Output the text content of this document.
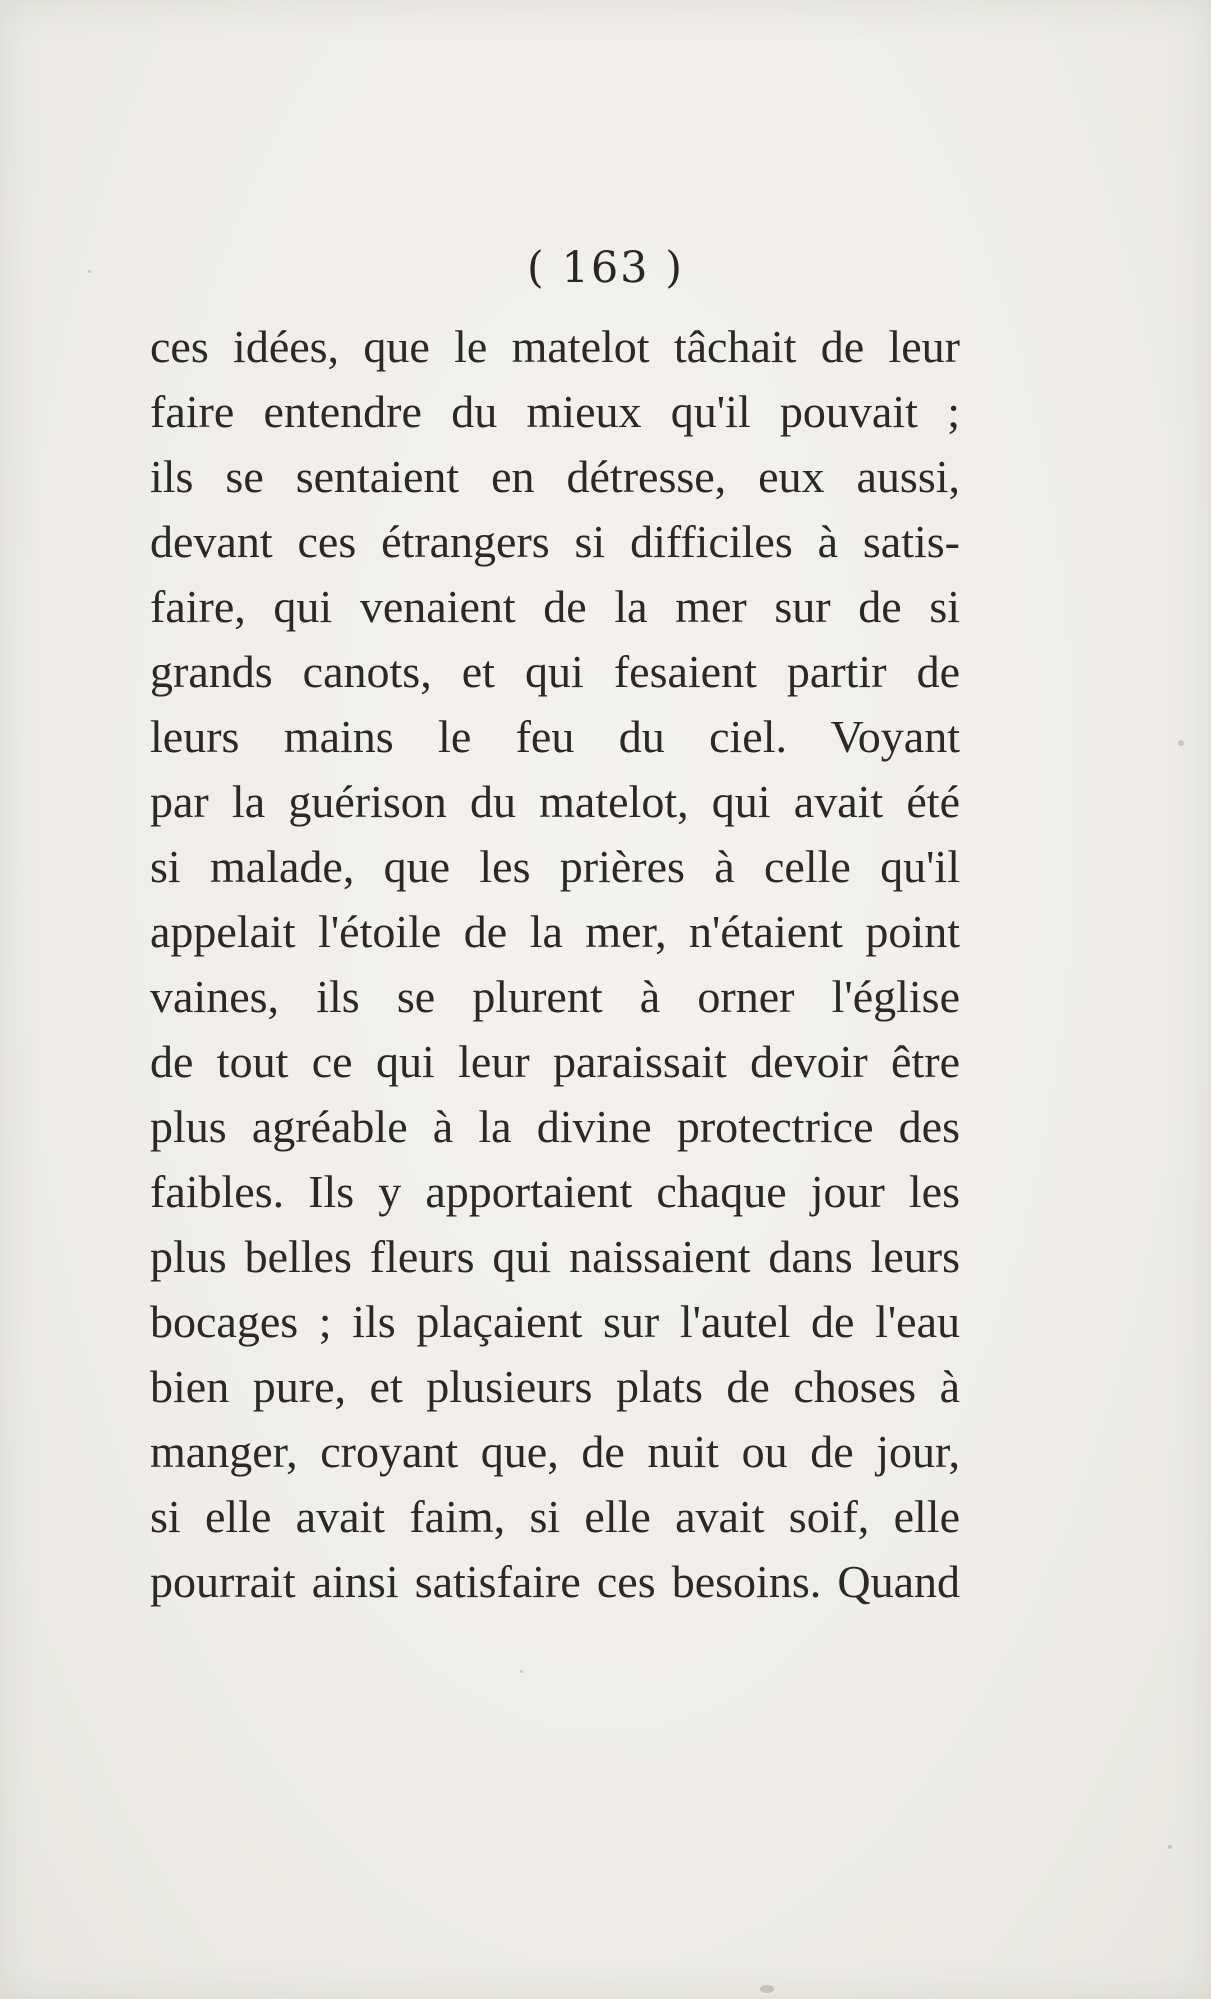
( 163 )
ces idées, que le matelot tâchait de leur
faire entendre du mieux qu'il pouvait ;
ils se sentaient en détresse, eux aussi,
devant ces étrangers si difficiles à satis-
faire, qui venaient de la mer sur de si
grands canots, et qui fesaient partir de
leurs mains le feu du ciel. Voyant
par la guérison du matelot, qui avait été
si malade, que les prières à celle qu'il
appelait l'étoile de la mer, n'étaient point
vaines, ils se plurent à orner l'église
de tout ce qui leur paraissait devoir être
plus agréable à la divine protectrice des
faibles. Ils y apportaient chaque jour les
plus belles fleurs qui naissaient dans leurs
bocages ; ils plaçaient sur l'autel de l'eau
bien pure, et plusieurs plats de choses à
manger, croyant que, de nuit ou de jour,
si elle avait faim, si elle avait soif, elle
pourrait ainsi satisfaire ces besoins. Quand
